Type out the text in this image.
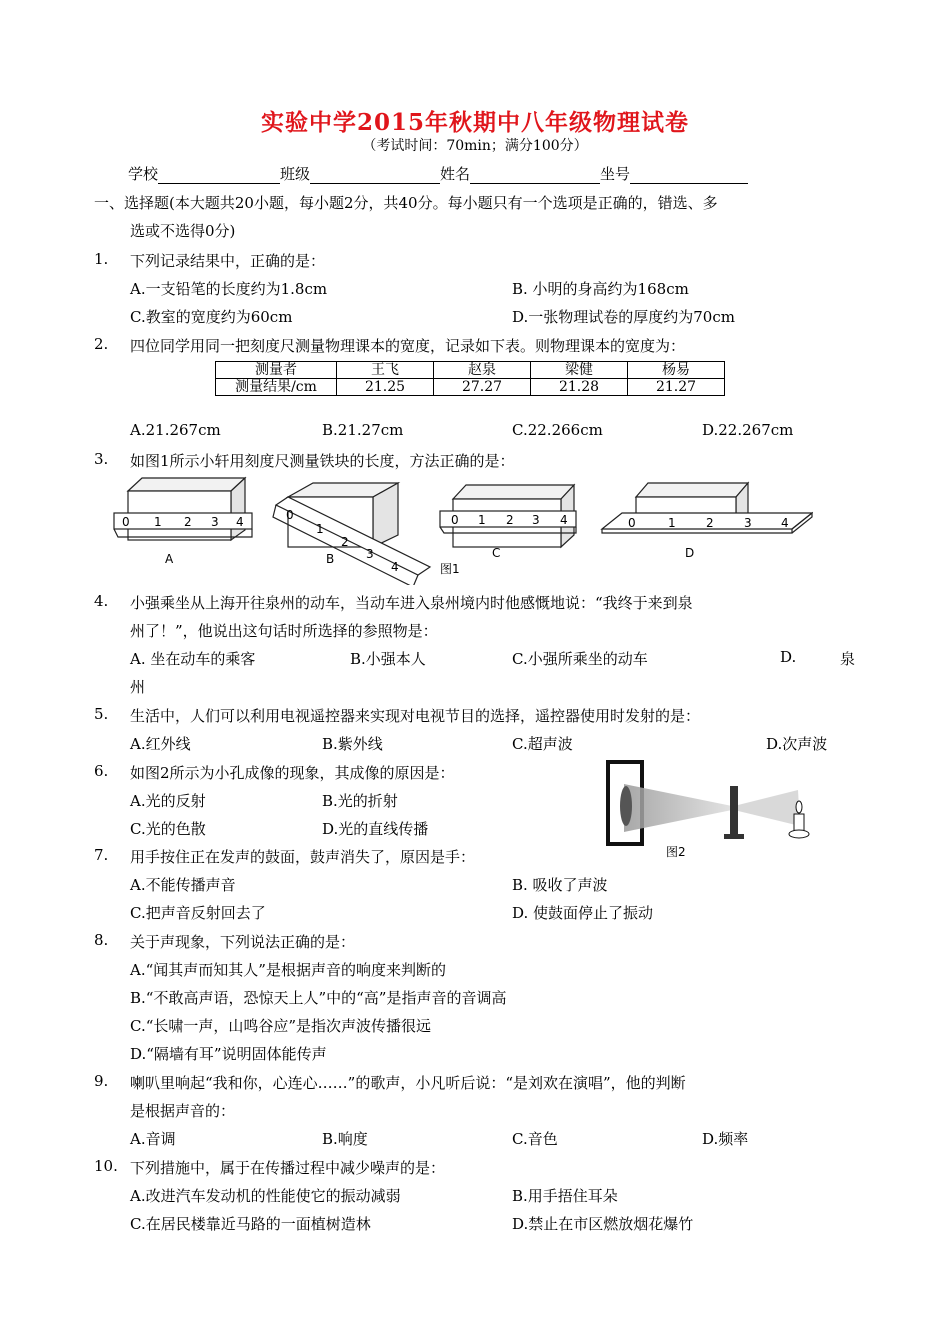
实验中学2015年秋期中八年级物理试卷
（考试时间：70min；满分100分）
学校	班级	姓名	坐号
一、选择题(本大题共20小题，每小题2分，共40分。每小题只有一个选项是正确的，错选、多
选或不选得0分)
1. 下列记录结果中，正确的是：
A.一支铅笔的长度约为1.8cm	B. 小明的身高约为168cm
C.教室的宽度约为60cm	D.一张物理试卷的厚度约为70cm
2. 四位同学用同一把刻度尺测量物理课本的宽度，记录如下表。则物理课本的宽度为：
测量者	王飞	赵泉	梁健	杨易
测量结果/cm	21.25	27.27	21.28	21.27
A.21.267cm	B.21.27cm	C.22.266cm	D.22.267cm
3. 如图1所示小轩用刻度尺测量铁块的长度，方法正确的是：
0 1 2 3 4	0
1
2
3
4
0 1 2 3 4	0	1	2	3 4
A	B	C	D
图1
4. 小强乘坐从上海开往泉州的动车，当动车进入泉州境内时他感慨地说：“我终于来到泉
州了！”，他说出这句话时所选择的参照物是：
A. 坐在动车的乘客	B.小强本人	C.小强所乘坐的动车	D.	泉
州
5. 生活中，人们可以利用电视遥控器来实现对电视节目的选择，遥控器使用时发射的是：
A.红外线	B.紫外线	C.超声波	D.次声波
6. 如图2所示为小孔成像的现象，其成像的原因是：
A.光的反射	B.光的折射
C.光的色散	D.光的直线传播
图2
7. 用手按住正在发声的鼓面，鼓声消失了，原因是手：
A.不能传播声音	B. 吸收了声波
C.把声音反射回去了	D. 使鼓面停止了振动
8. 关于声现象，下列说法正确的是：
A.“闻其声而知其人”是根据声音的响度来判断的
B.“不敢高声语，恐惊天上人”中的“高”是指声音的音调高
C.“长啸一声，山鸣谷应”是指次声波传播很远
D.“隔墙有耳”说明固体能传声
9. 喇叭里响起“我和你，心连心……”的歌声，小凡听后说：“是刘欢在演唱”，他的判断
是根据声音的：
A.音调	B.响度	C.音色	D.频率
10. 下列措施中，属于在传播过程中减少噪声的是：
A.改进汽车发动机的性能使它的振动减弱	B.用手捂住耳朵
C.在居民楼靠近马路的一面植树造林	D.禁止在市区燃放烟花爆竹
